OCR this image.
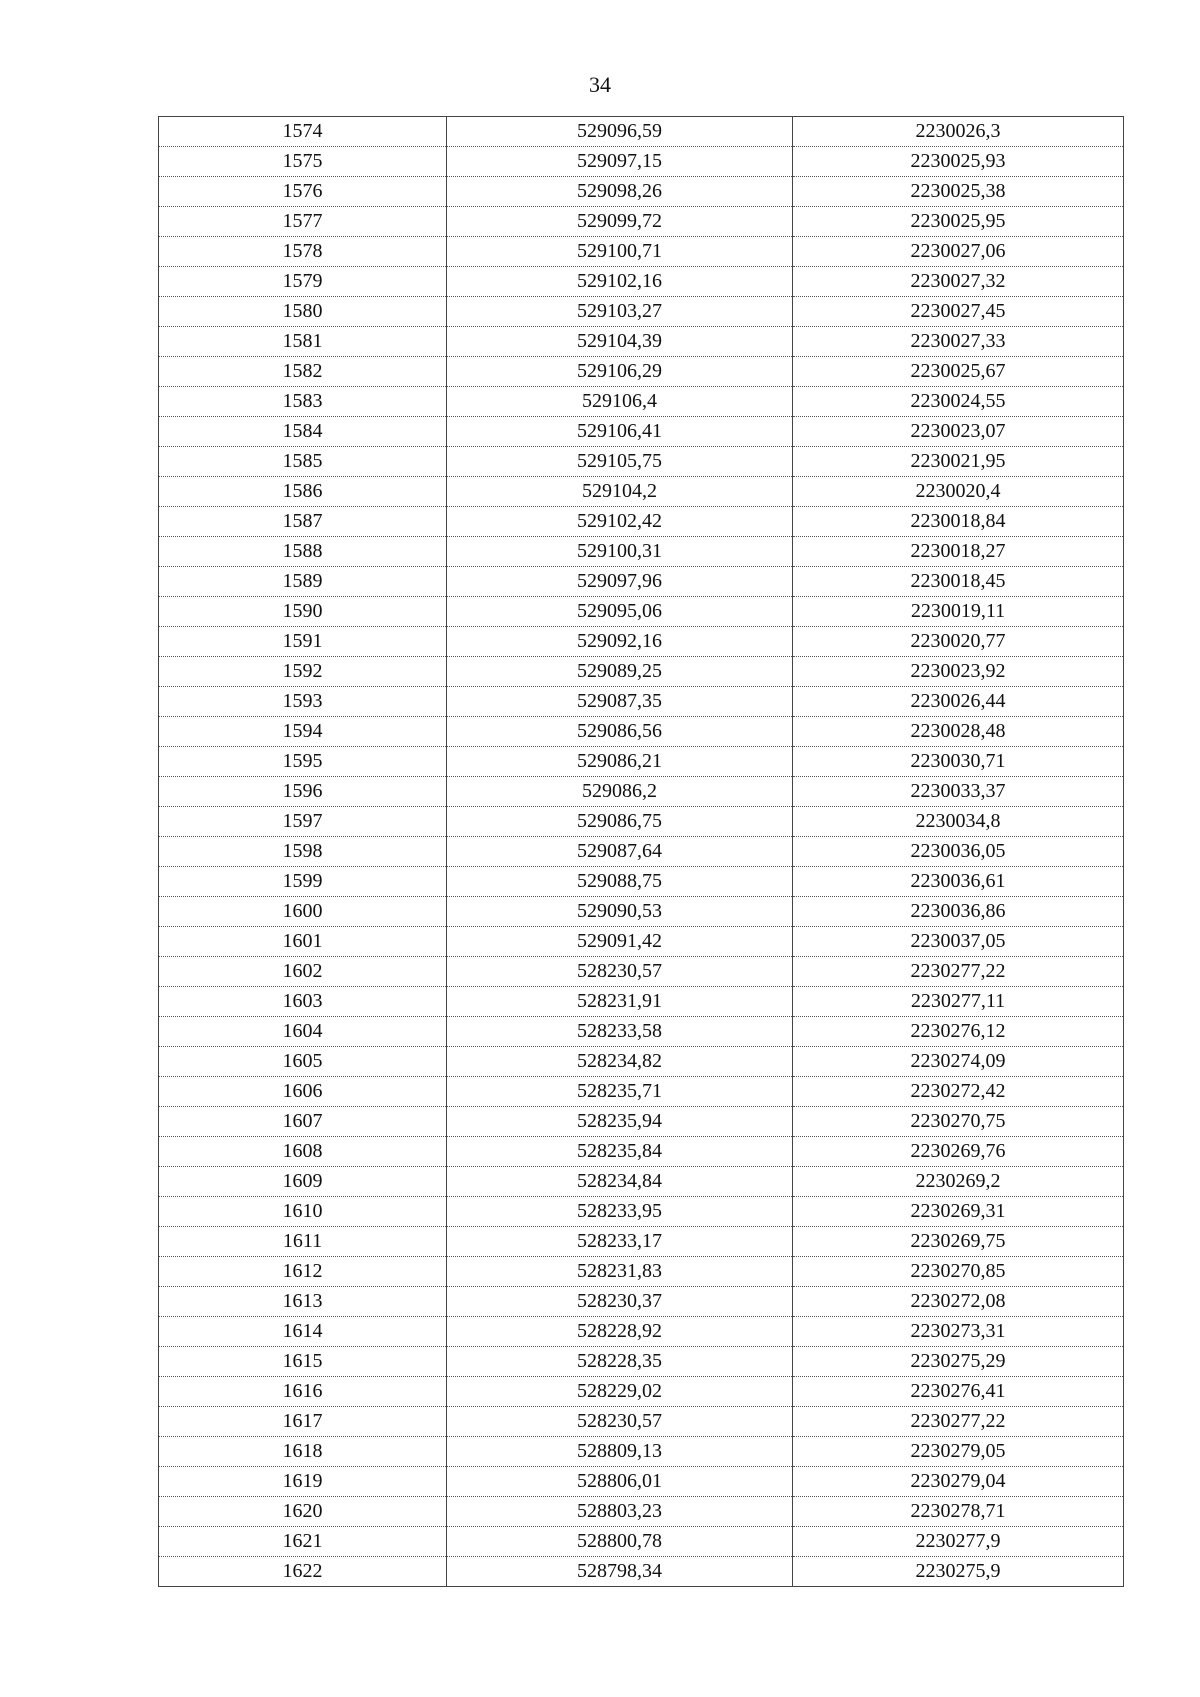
34
1574	529096,59	2230026,3
1575	529097,15	2230025,93
1576	529098,26	2230025,38
1577	529099,72	2230025,95
1578	529100,71	2230027,06
1579	529102,16	2230027,32
1580	529103,27	2230027,45
1581	529104,39	2230027,33
1582	529106,29	2230025,67
1583	529106,4	2230024,55
1584	529106,41	2230023,07
1585	529105,75	2230021,95
1586	529104,2	2230020,4
1587	529102,42	2230018,84
1588	529100,31	2230018,27
1589	529097,96	2230018,45
1590	529095,06	2230019,11
1591	529092,16	2230020,77
1592	529089,25	2230023,92
1593	529087,35	2230026,44
1594	529086,56	2230028,48
1595	529086,21	2230030,71
1596	529086,2	2230033,37
1597	529086,75	2230034,8
1598	529087,64	2230036,05
1599	529088,75	2230036,61
1600	529090,53	2230036,86
1601	529091,42	2230037,05
1602	528230,57	2230277,22
1603	528231,91	2230277,11
1604	528233,58	2230276,12
1605	528234,82	2230274,09
1606	528235,71	2230272,42
1607	528235,94	2230270,75
1608	528235,84	2230269,76
1609	528234,84	2230269,2
1610	528233,95	2230269,31
1611	528233,17	2230269,75
1612	528231,83	2230270,85
1613	528230,37	2230272,08
1614	528228,92	2230273,31
1615	528228,35	2230275,29
1616	528229,02	2230276,41
1617	528230,57	2230277,22
1618	528809,13	2230279,05
1619	528806,01	2230279,04
1620	528803,23	2230278,71
1621	528800,78	2230277,9
1622	528798,34	2230275,9
